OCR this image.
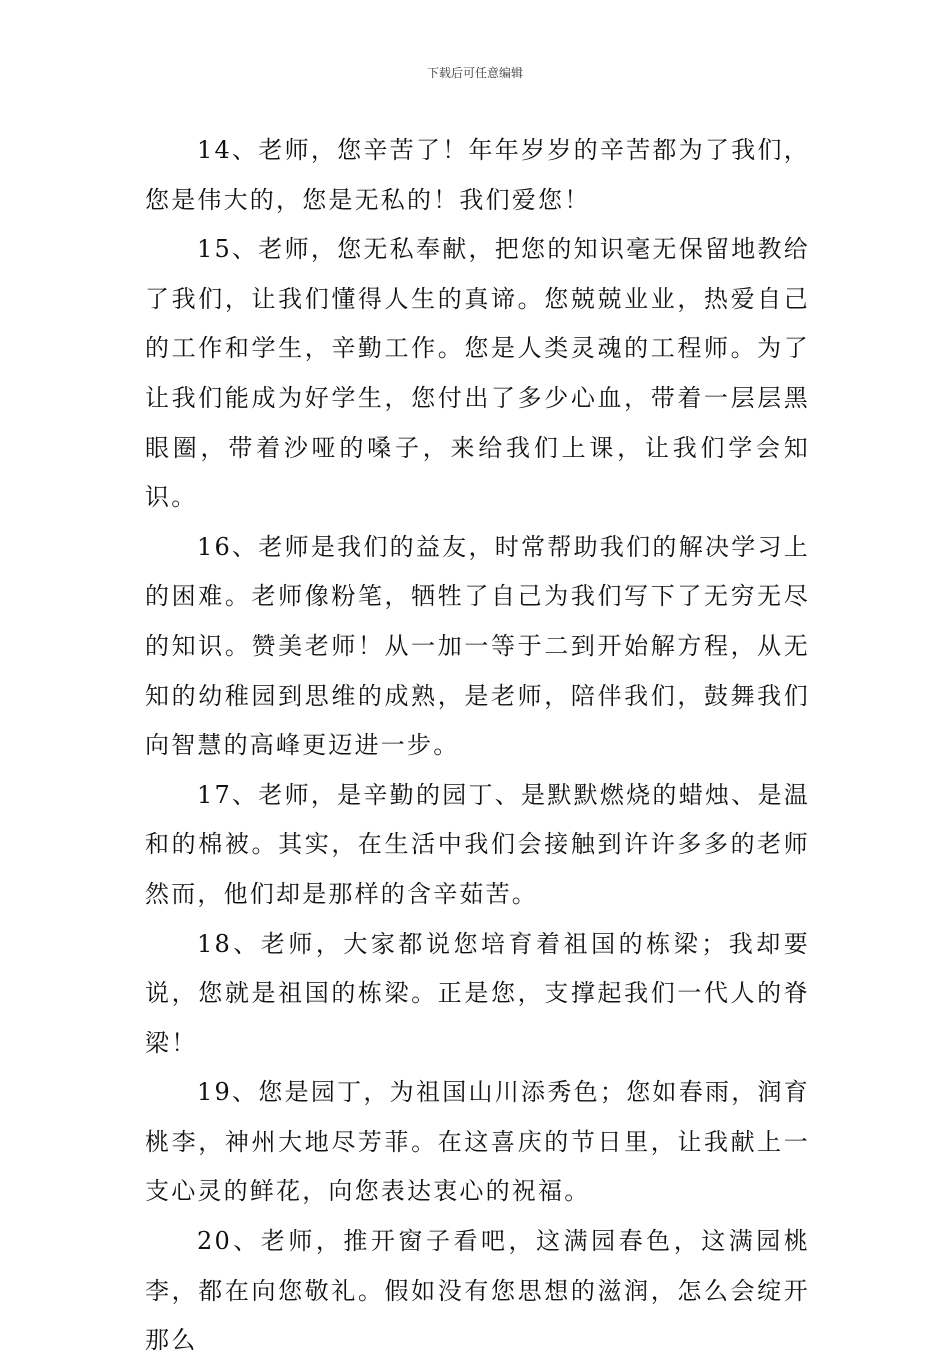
下载后可任意编辑

14、老师，您辛苦了！年年岁岁的辛苦都为了我们，您是伟大的，您是无私的！我们爱您！

15、老师，您无私奉献，把您的知识毫无保留地教给了我们，让我们懂得人生的真谛。您兢兢业业，热爱自己的工作和学生，辛勤工作。您是人类灵魂的工程师。为了让我们能成为好学生，您付出了多少心血，带着一层层黑眼圈，带着沙哑的嗓子，来给我们上课，让我们学会知识。

16、老师是我们的益友，时常帮助我们的解决学习上的困难。老师像粉笔，牺牲了自己为我们写下了无穷无尽的知识。赞美老师！从一加一等于二到开始解方程，从无知的幼稚园到思维的成熟，是老师，陪伴我们，鼓舞我们向智慧的高峰更迈进一步。

17、老师，是辛勤的园丁、是默默燃烧的蜡烛、是温和的棉被。其实，在生活中我们会接触到许许多多的老师然而，他们却是那样的含辛茹苦。

18、老师，大家都说您培育着祖国的栋梁；我却要说，您就是祖国的栋梁。正是您，支撑起我们一代人的脊梁！

19、您是园丁，为祖国山川添秀色；您如春雨，润育桃李，神州大地尽芳菲。在这喜庆的节日里，让我献上一支心灵的鲜花，向您表达衷心的祝福。

20、老师，推开窗子看吧，这满园春色，这满园桃李，都在向您敬礼。假如没有您思想的滋润，怎么会绽开那么
